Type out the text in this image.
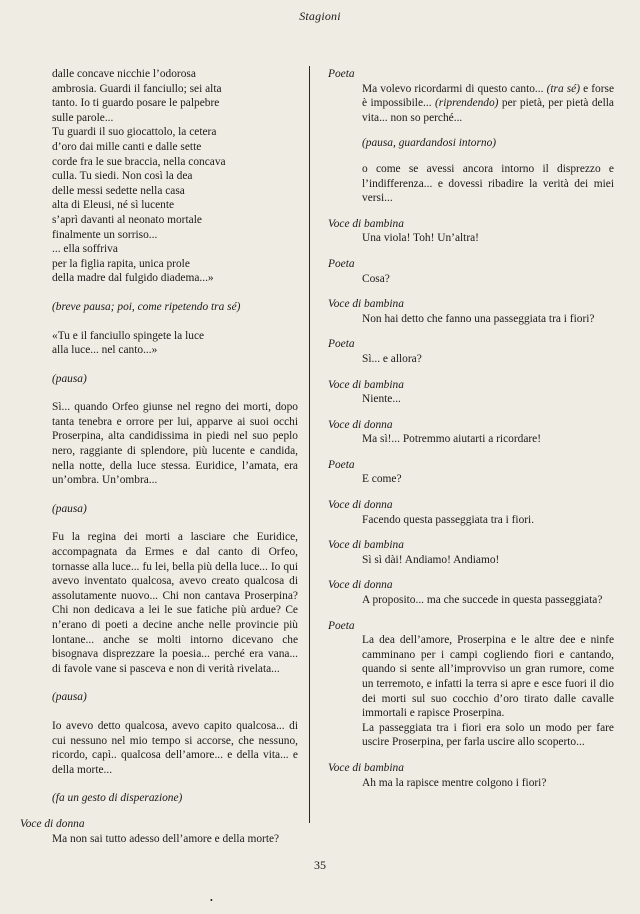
Stagioni
dalle concave nicchie l’odorosa
ambrosia. Guardi il fanciullo; sei alta
tanto. Io ti guardo posare le palpebre
sulle parole...
Tu guardi il suo giocattolo, la cetera
d’oro dai mille canti e dalle sette
corde fra le sue braccia, nella concava
culla. Tu siedi. Non così la dea
delle messi sedette nella casa
alta di Eleusi, né sì lucente
s’aprì davanti al neonato mortale
finalmente un sorriso...
... ella soffriva
per la figlia rapita, unica prole
della madre dal fulgido diadema...»
(breve pausa; poi, come ripetendo tra sé)
«Tu e il fanciullo spingete la luce
alla luce... nel canto...»
(pausa)
Sì... quando Orfeo giunse nel regno dei morti, dopo tanta tenebra e orrore per lui, apparve ai suoi occhi Proserpina, alta candidissima in piedi nel suo peplo nero, raggiante di splendore, più lucente e candida, nella notte, della luce stessa. Euridice, l’amata, era un’ombra. Un’ombra...
(pausa)
Fu la regina dei morti a lasciare che Euridice, accompagnata da Ermes e dal canto di Orfeo, tornasse alla luce... fu lei, bella più della luce... Io qui avevo inventato qualcosa, avevo creato qualcosa di assolutamente nuovo... Chi non cantava Proserpina? Chi non dedicava a lei le sue fatiche più ardue? Ce n’erano di poeti a decine anche nelle provincie più lontane... anche se molti intorno dicevano che bisognava disprezzare la poesia... perché era vana... di favole vane si pasceva e non di verità rivelata...
(pausa)
Io avevo detto qualcosa, avevo capito qualcosa... di cui nessuno nel mio tempo si accorse, che nessuno, ricordo, capì.. qualcosa dell’amore... e della vita... e della morte...
(fa un gesto di disperazione)
Voce di donna
Ma non sai tutto adesso dell’amore e della morte?
Poeta
Ma volevo ricordarmi di questo canto... (tra sé) e forse è impossibile... (riprendendo) per pietà, per pietà della vita... non so perché...
(pausa, guardandosi intorno)
o come se avessi ancora intorno il disprezzo e l’indifferenza... e dovessi ribadire la verità dei miei versi...
Voce di bambina
Una viola! Toh! Un’altra!
Poeta
Cosa?
Voce di bambina
Non hai detto che fanno una passeggiata tra i fiori?
Poeta
Sì... e allora?
Voce di bambina
Niente...
Voce di donna
Ma sì!... Potremmo aiutarti a ricordare!
Poeta
E come?
Voce di donna
Facendo questa passeggiata tra i fiori.
Voce di bambina
Sì sì dài! Andiamo! Andiamo!
Voce di donna
A proposito... ma che succede in questa passeggiata?
Poeta
La dea dell’amore, Proserpina e le altre dee e ninfe camminano per i campi cogliendo fiori e cantando, quando si sente all’improvviso un gran rumore, come un terremoto, e infatti la terra si apre e esce fuori il dio dei morti sul suo cocchio d’oro tirato dalle cavalle immortali e rapisce Proserpina.
La passeggiata tra i fiori era solo un modo per fare uscire Proserpina, per farla uscire allo scoperto...
Voce di bambina
Ah ma la rapisce mentre colgono i fiori?
35
•
